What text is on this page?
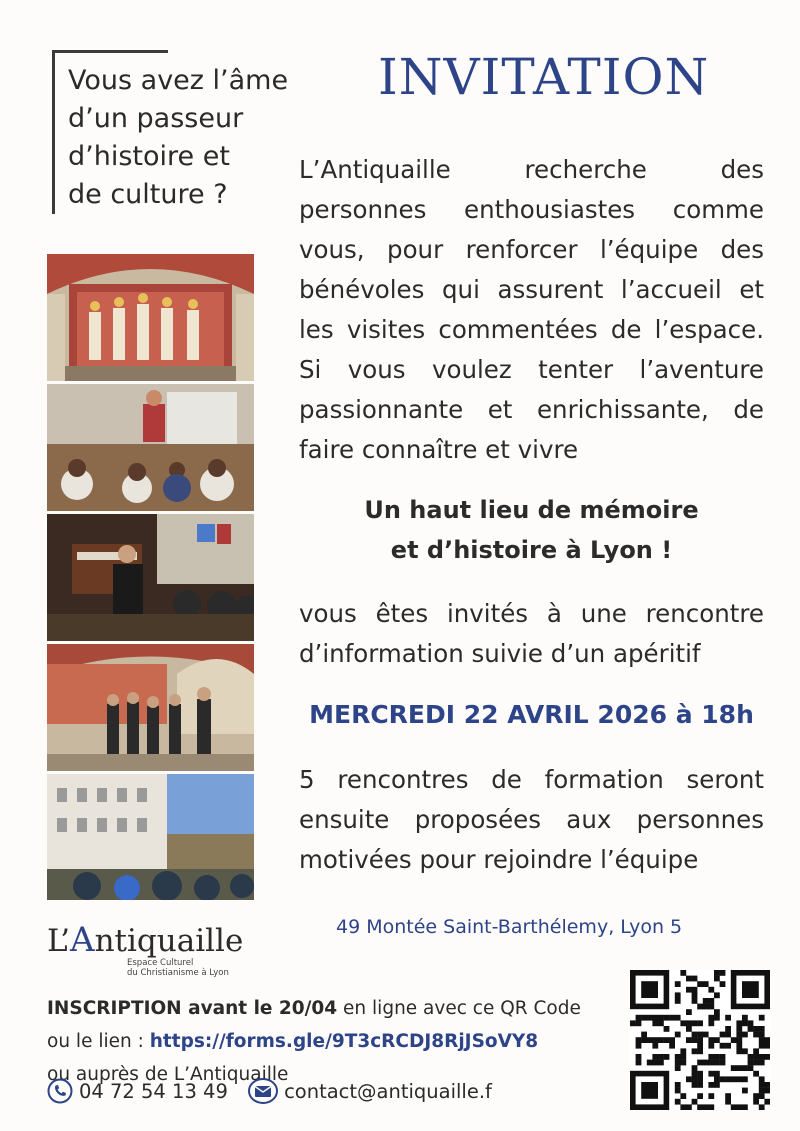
Vous avez l’âme
d’un passeur
d’histoire et
de culture ?
INVITATION
L’Antiquaille recherche des
personnes enthousiastes comme
vous, pour renforcer l’équipe des
bénévoles qui assurent l’accueil et
les visites commentées de l’espace.
Si vous voulez tenter l’aventure
passionnante et enrichissante, de
faire connaître et vivre
Un haut lieu de mémoire
et d’histoire à Lyon !
vous êtes invités à une rencontre
d’information suivie d’un apéritif
MERCREDI 22 AVRIL 2026 à 18h
5 rencontres de formation seront
ensuite proposées aux personnes
motivées pour rejoindre l’équipe
49 Montée Saint-Barthélemy, Lyon 5
L’Antiquaille
Espace Culturel
du Christianisme à Lyon
INSCRIPTION avant le 20/04 en ligne avec ce QR Code
ou le lien : https://forms.gle/9T3cRCDJ8RjJSoVY8
ou auprès de L’Antiquaille
04 72 54 13 49
	contact@antiquaille.f
